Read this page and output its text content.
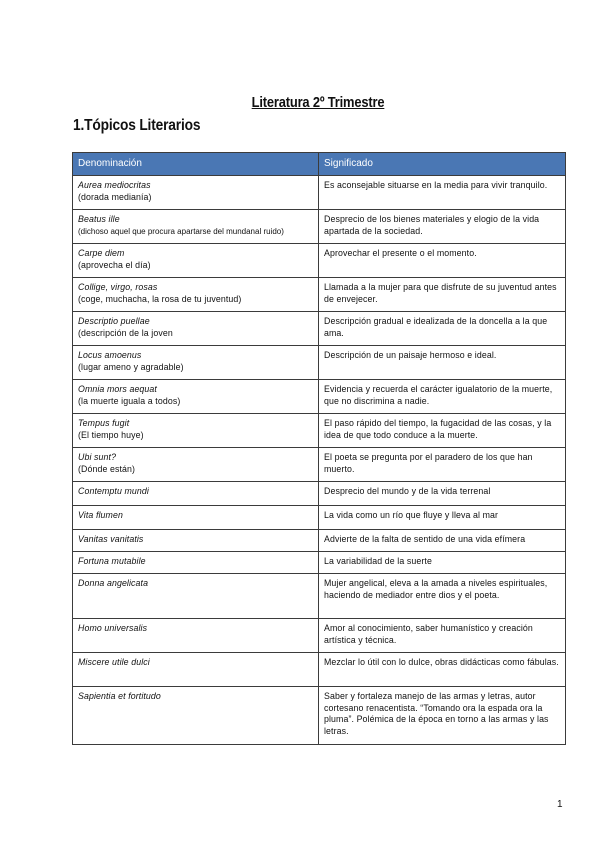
Literatura 2º Trimestre
1.Tópicos Literarios
Denominación	Significado

Aurea mediocritas
(dorada medianía)	Es aconsejable situarse en la media para vivir tranquilo.

Beatus ille
(dichoso aquel que procura apartarse del mundanal ruido)	Desprecio de los bienes materiales y elogio de la vida apartada de la sociedad.

Carpe diem
(aprovecha el día)	Aprovechar el presente o el momento.

Collige, virgo, rosas
(coge, muchacha, la rosa de tu juventud)	Llamada a la mujer para que disfrute de su juventud antes de envejecer.

Descriptio puellae
(descripción de la joven	Descripción gradual e idealizada de la doncella a la que ama.

Locus amoenus
(lugar ameno y agradable)	Descripción de un paisaje hermoso e ideal.

Omnia mors aequat
(la muerte iguala a todos)	Evidencia y recuerda el carácter igualatorio de la muerte, que no discrimina a nadie.

Tempus fugit
(El tiempo huye)	El paso rápido del tiempo, la fugacidad de las cosas, y la idea de que todo conduce a la muerte.

Ubi sunt?
(Dónde están)	El poeta se pregunta por el paradero de los que han muerto.

Contemptu mundi	Desprecio del mundo y de la vida terrenal

Vita flumen	La vida como un río que fluye y lleva al mar

Vanitas vanitatis	Advierte de la falta de sentido de una vida efímera

Fortuna mutabile	La variabilidad de la suerte

Donna angelicata	Mujer angelical, eleva a la amada a niveles espirituales, haciendo de mediador entre dios y el poeta.

Homo universalis	Amor al conocimiento, saber humanístico y creación artística y técnica.

Miscere utile dulci	Mezclar lo útil con lo dulce, obras didácticas como fábulas.

Sapientia et fortitudo	Saber y fortaleza manejo de las armas y letras, autor cortesano renacentista. “Tomando ora la espada ora la pluma”. Polémica de la época en torno a las armas y las letras.
1
